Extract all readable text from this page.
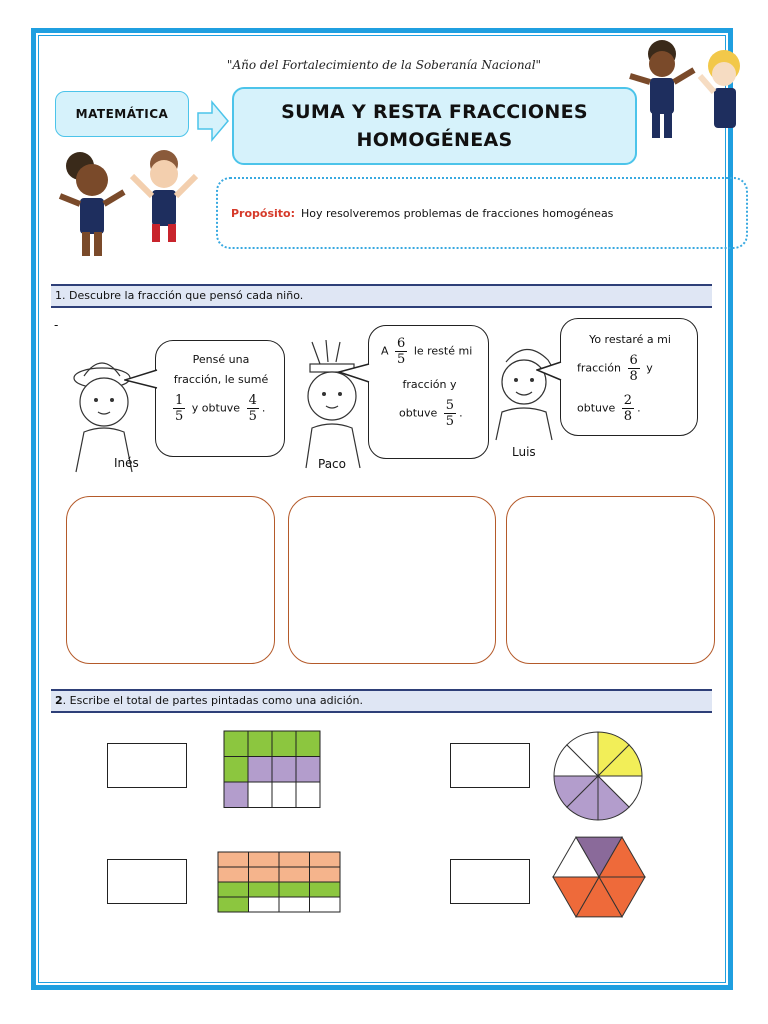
"Año del Fortalecimiento de la Soberanía Nacional"
MATEMÁTICA	SUMA Y RESTA FRACCIONES
HOMOGÉNEAS
Propósito: Hoy resolveremos problemas de fracciones homogéneas
1. Descubre la fracción que pensó cada niño.
-
Pensé una
fracción, le sumé
$\frac{1}{5}$ y obtuve $\frac{4}{5}$ .
A $\frac{6}{5}$ le resté mi
fracción y
obtuve $\frac{5}{5}$ .
Yo restaré a mi
fracción $\frac{6}{8}$ y
obtuve $\frac{2}{8}$ .
Inés	Paco
Luis
2. Escribe el total de partes pintadas como una adición.
